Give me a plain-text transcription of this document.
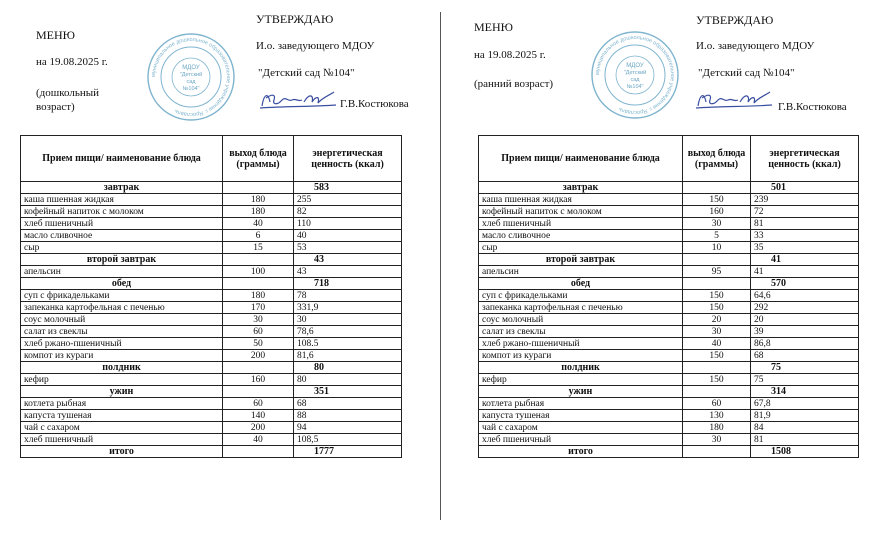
МЕНЮ
на 19.08.2025 г.
(дошкольный
возраст)
муниципальное дошкольное образовательное учреждение г. Ярославль
МДОУ
"Детский
сад
№104"
УТВЕРЖДАЮ
И.о. заведующего МДОУ
"Детский сад №104"
Г.В.Костюкова
Прием пищи/ наименование блюда	выход блюда (граммы)	энергетическая ценность (ккал)
завтрак		583
каша пшенная жидкая	180	255
кофейный напиток с молоком	180	82
хлеб пшеничный	40	110
масло сливочное	6	40
сыр	15	53
второй завтрак		43
апельсин	100	43
обед		718
суп с фрикадельками	180	78
запеканка картофельная с печенью	170	331,9
соус молочный	30	30
салат из свеклы	60	78,6
хлеб ржано-пшеничный	50	108.5
компот из кураги	200	81,6
полдник		80
кефир	160	80
ужин		351
котлета рыбная	60	68
капуста тушеная	140	88
чай с сахаром	200	94
хлеб пшеничный	40	108,5
итого		1777
МЕНЮ
на 19.08.2025 г.
(ранний возраст)
муниципальное дошкольное образовательное учреждение г. Ярославль
МДОУ
"Детский
сад
№104"
УТВЕРЖДАЮ
И.о. заведующего МДОУ
"Детский сад №104"
Г.В.Костюкова
Прием пищи/ наименование блюда	выход блюда (граммы)	энергетическая ценность (ккал)
завтрак		501
каша пшенная жидкая	150	239
кофейный напиток с молоком	160	72
хлеб пшеничный	30	81
масло сливочное	5	33
сыр	10	35
второй завтрак		41
апельсин	95	41
обед		570
суп с фрикадельками	150	64,6
запеканка картофельная с печенью	150	292
соус молочный	20	20
салат из свеклы	30	39
хлеб ржано-пшеничный	40	86,8
компот из кураги	150	68
полдник		75
кефир	150	75
ужин		314
котлета рыбная	60	67,8
капуста тушеная	130	81,9
чай с сахаром	180	84
хлеб пшеничный	30	81
итого		1508
